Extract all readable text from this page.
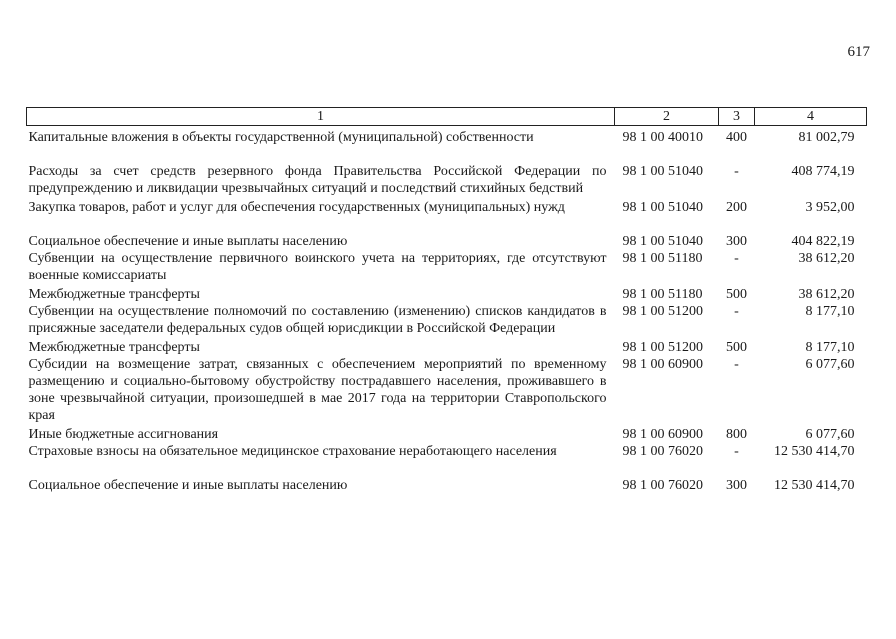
617
1	2	3	4
Капитальные вложения в объекты государственной (муниципальной) собственности	98 1 00 40010	400	81 002,79
Расходы за счет средств резервного фонда Правительства Российской Федерации по предупреждению и ликвидации чрезвычайных ситуаций и последствий стихийных бедствий	98 1 00 51040	-	408 774,19
Закупка товаров, работ и услуг для обеспечения государственных (муниципальных) нужд	98 1 00 51040	200	3 952,00
Социальное обеспечение и иные выплаты населению	98 1 00 51040	300	404 822,19
Субвенции на осуществление первичного воинского учета на территориях, где отсутствуют военные комиссариаты	98 1 00 51180	-	38 612,20
Межбюджетные трансферты	98 1 00 51180	500	38 612,20
Субвенции на осуществление полномочий по составлению (изменению) списков кандидатов в присяжные заседатели федеральных судов общей юрисдикции в Российской Федерации	98 1 00 51200	-	8 177,10
Межбюджетные трансферты	98 1 00 51200	500	8 177,10
Субсидии на возмещение затрат, связанных с обеспечением мероприятий по временному размещению и социально-бытовому обустройству пострадавшего населения, проживавшего в зоне чрезвычайной ситуации, произошедшей в мае 2017 года на территории Ставропольского края	98 1 00 60900	-	6 077,60
Иные бюджетные ассигнования	98 1 00 60900	800	6 077,60
Страховые взносы на обязательное медицинское страхование неработающего населения	98 1 00 76020	-	12 530 414,70
Социальное обеспечение и иные выплаты населению	98 1 00 76020	300	12 530 414,70
